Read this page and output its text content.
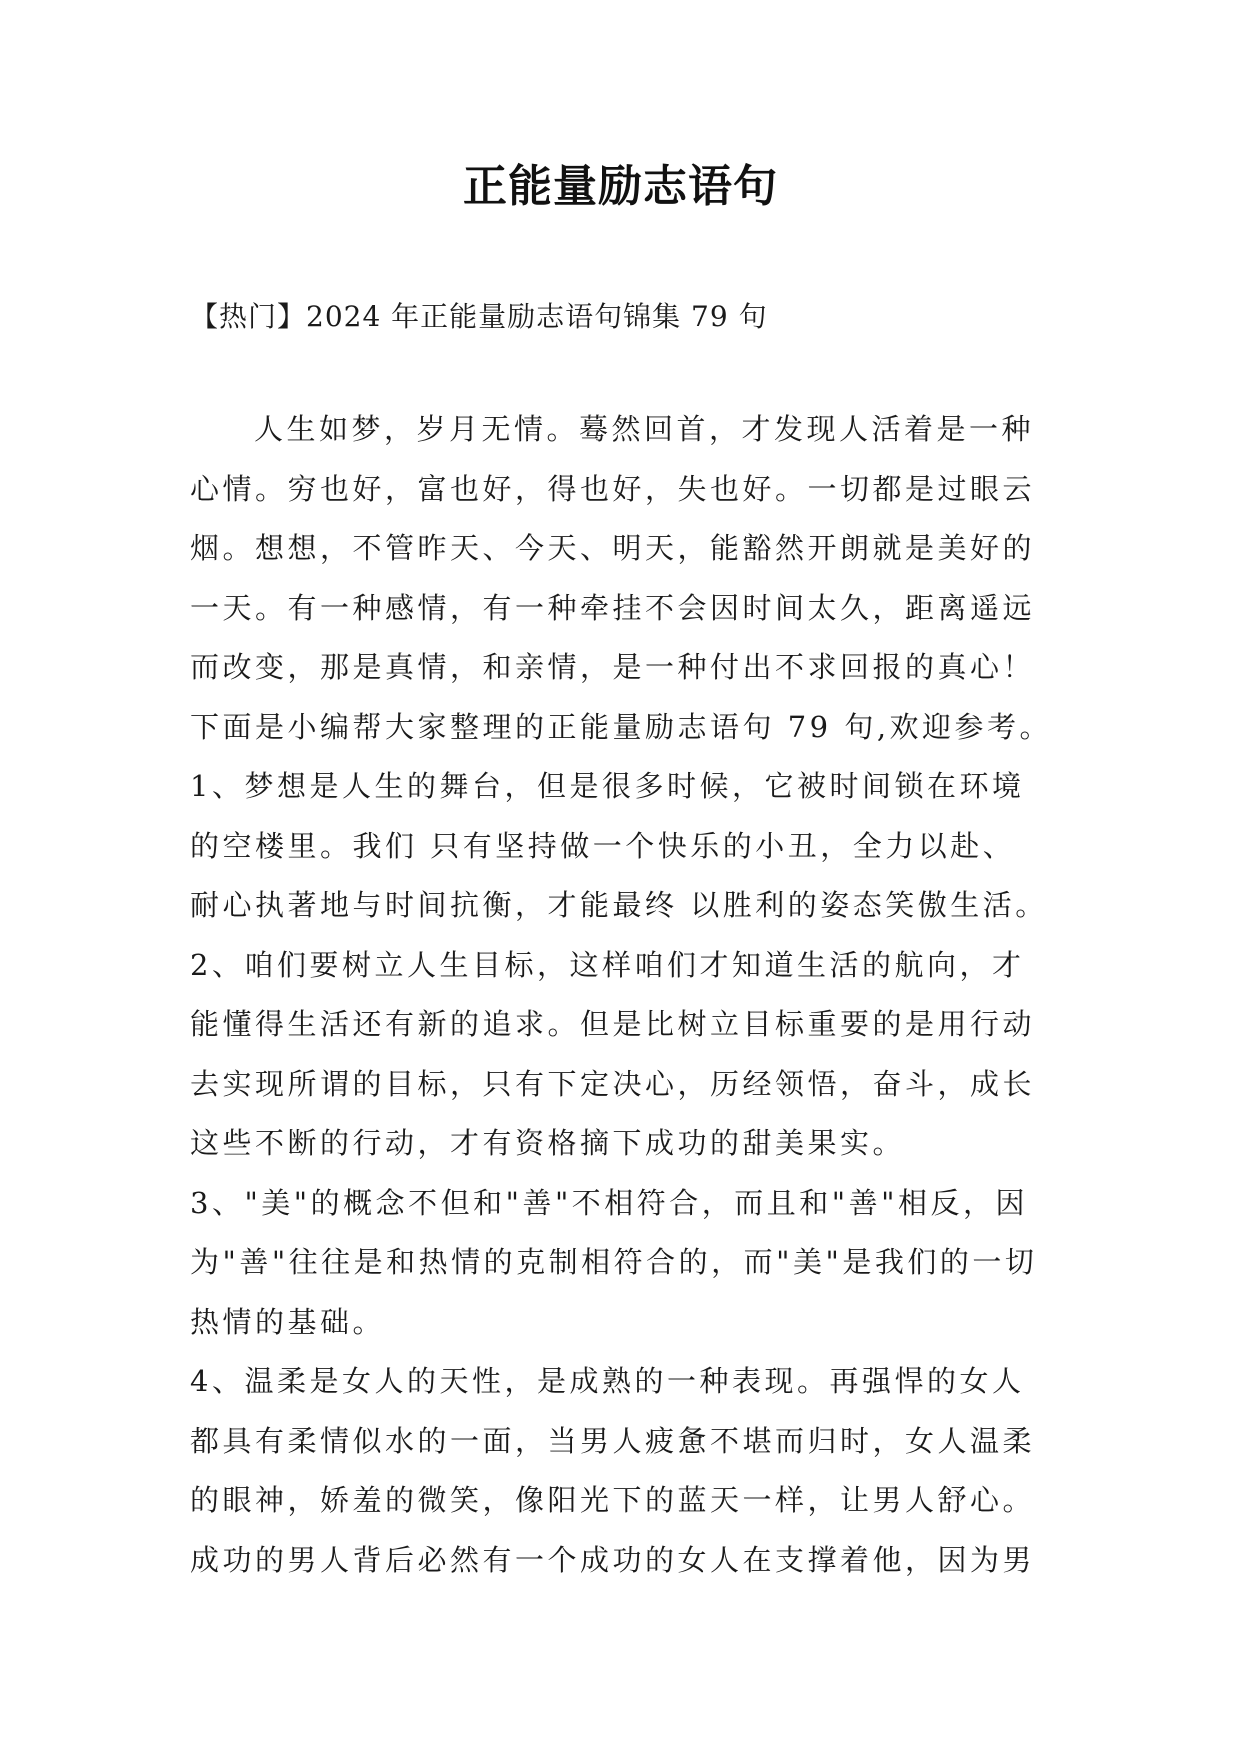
正能量励志语句
【热门】2024 年正能量励志语句锦集 79 句
人生如梦，岁月无情。蓦然回首，才发现人活着是一种
心情。穷也好，富也好，得也好，失也好。一切都是过眼云
烟。想想，不管昨天、今天、明天，能豁然开朗就是美好的
一天。有一种感情，有一种牵挂不会因时间太久，距离遥远
而改变，那是真情，和亲情，是一种付出不求回报的真心！
下面是小编帮大家整理的正能量励志语句 79 句,欢迎参考。
1、梦想是人生的舞台，但是很多时候，它被时间锁在环境
的空楼里。我们 只有坚持做一个快乐的小丑，全力以赴、
耐心执著地与时间抗衡，才能最终 以胜利的姿态笑傲生活。
2、咱们要树立人生目标，这样咱们才知道生活的航向，才
能懂得生活还有新的追求。但是比树立目标重要的是用行动
去实现所谓的目标，只有下定决心，历经领悟，奋斗，成长
这些不断的行动，才有资格摘下成功的甜美果实。
3、"美"的概念不但和"善"不相符合，而且和"善"相反，因
为"善"往往是和热情的克制相符合的，而"美"是我们的一切
热情的基础。
4、温柔是女人的天性，是成熟的一种表现。再强悍的女人
都具有柔情似水的一面，当男人疲惫不堪而归时，女人温柔
的眼神，娇羞的微笑，像阳光下的蓝天一样，让男人舒心。
成功的男人背后必然有一个成功的女人在支撑着他，因为男
